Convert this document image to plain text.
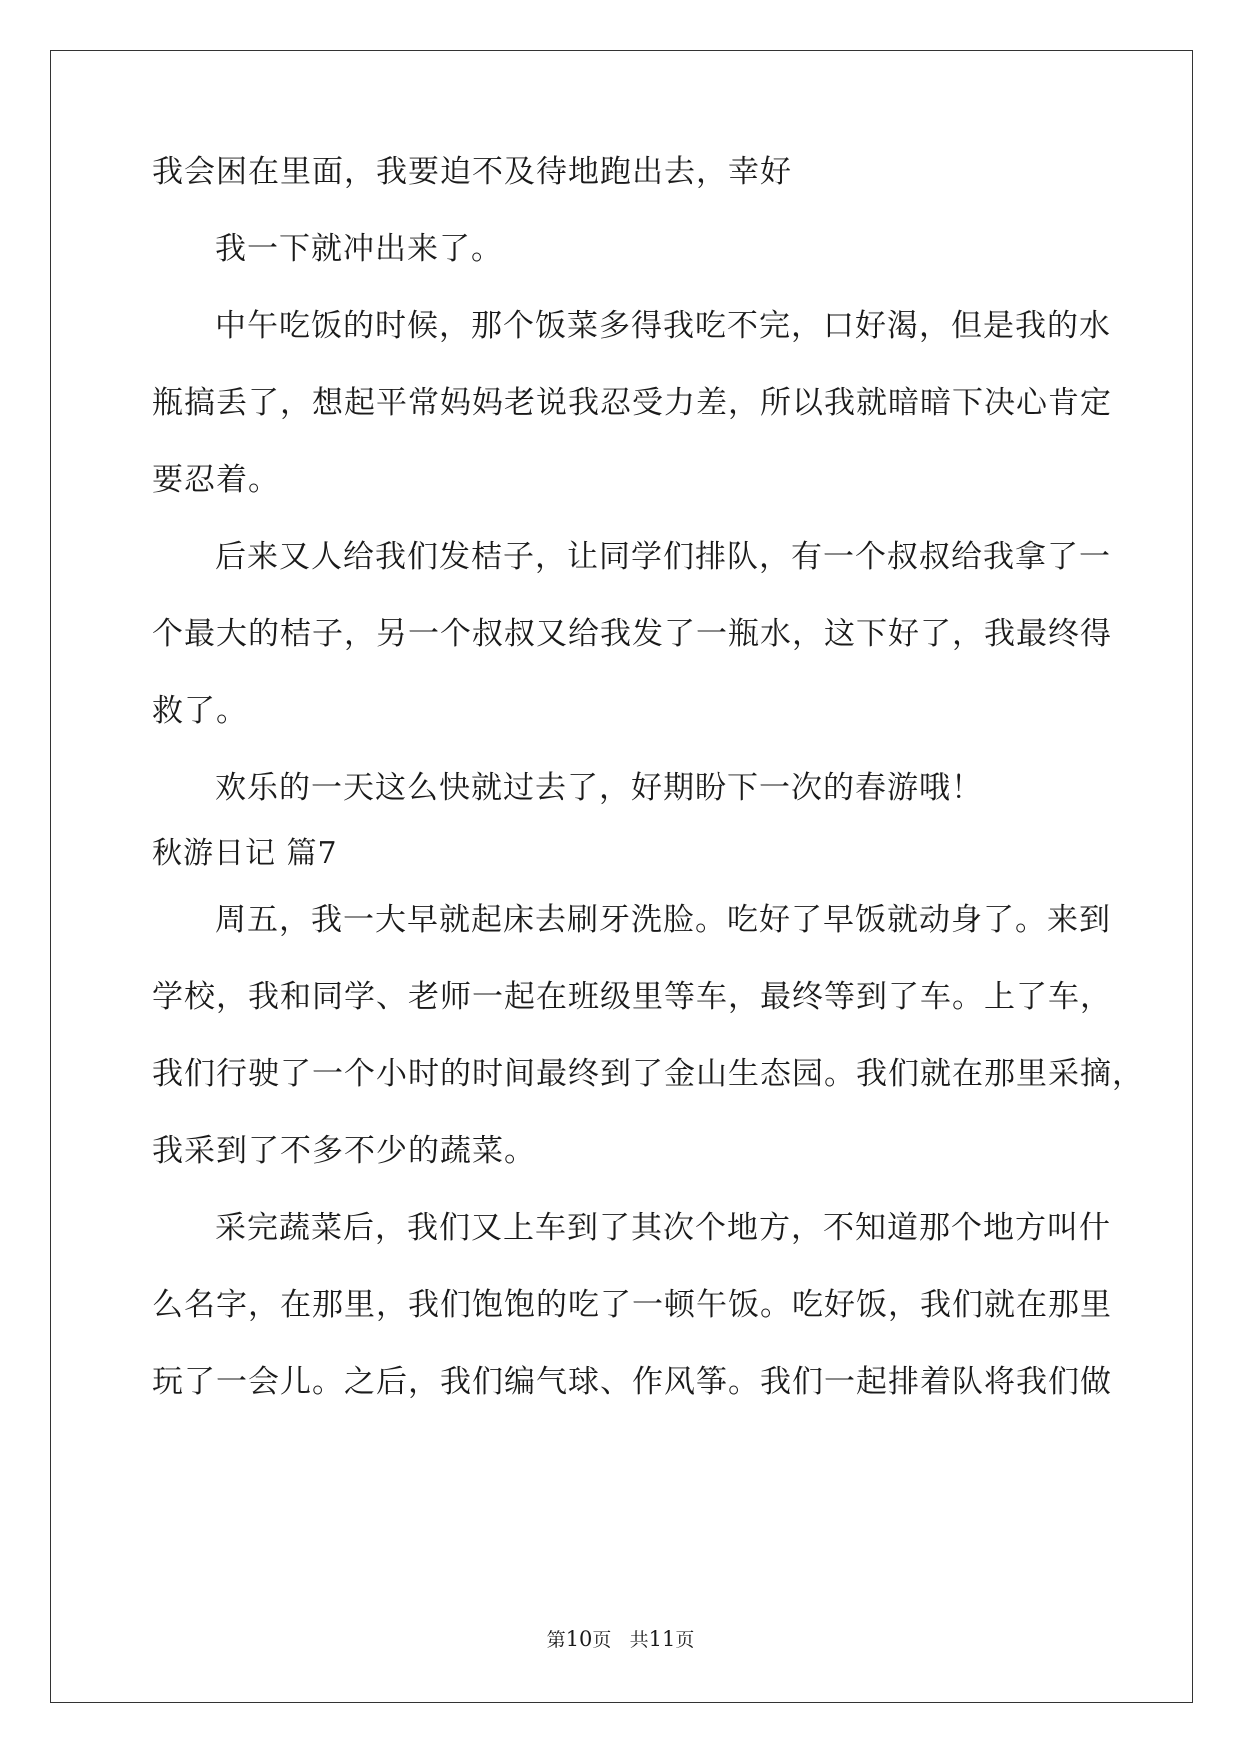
我会困在里面，我要迫不及待地跑出去，幸好
我一下就冲出来了。
中午吃饭的时候，那个饭菜多得我吃不完，口好渴，但是我的水
瓶搞丢了，想起平常妈妈老说我忍受力差，所以我就暗暗下决心肯定
要忍着。
后来又人给我们发桔子，让同学们排队，有一个叔叔给我拿了一
个最大的桔子，另一个叔叔又给我发了一瓶水，这下好了，我最终得
救了。
欢乐的一天这么快就过去了，好期盼下一次的春游哦！
秋游日记 篇7
周五，我一大早就起床去刷牙洗脸。吃好了早饭就动身了。来到
学校，我和同学、老师一起在班级里等车，最终等到了车。上了车，
我们行驶了一个小时的时间最终到了金山生态园。我们就在那里采摘，
我采到了不多不少的蔬菜。
采完蔬菜后，我们又上车到了其次个地方，不知道那个地方叫什
么名字，在那里，我们饱饱的吃了一顿午饭。吃好饭，我们就在那里
玩了一会儿。之后，我们编气球、作风筝。我们一起排着队将我们做
第10页 共11页
